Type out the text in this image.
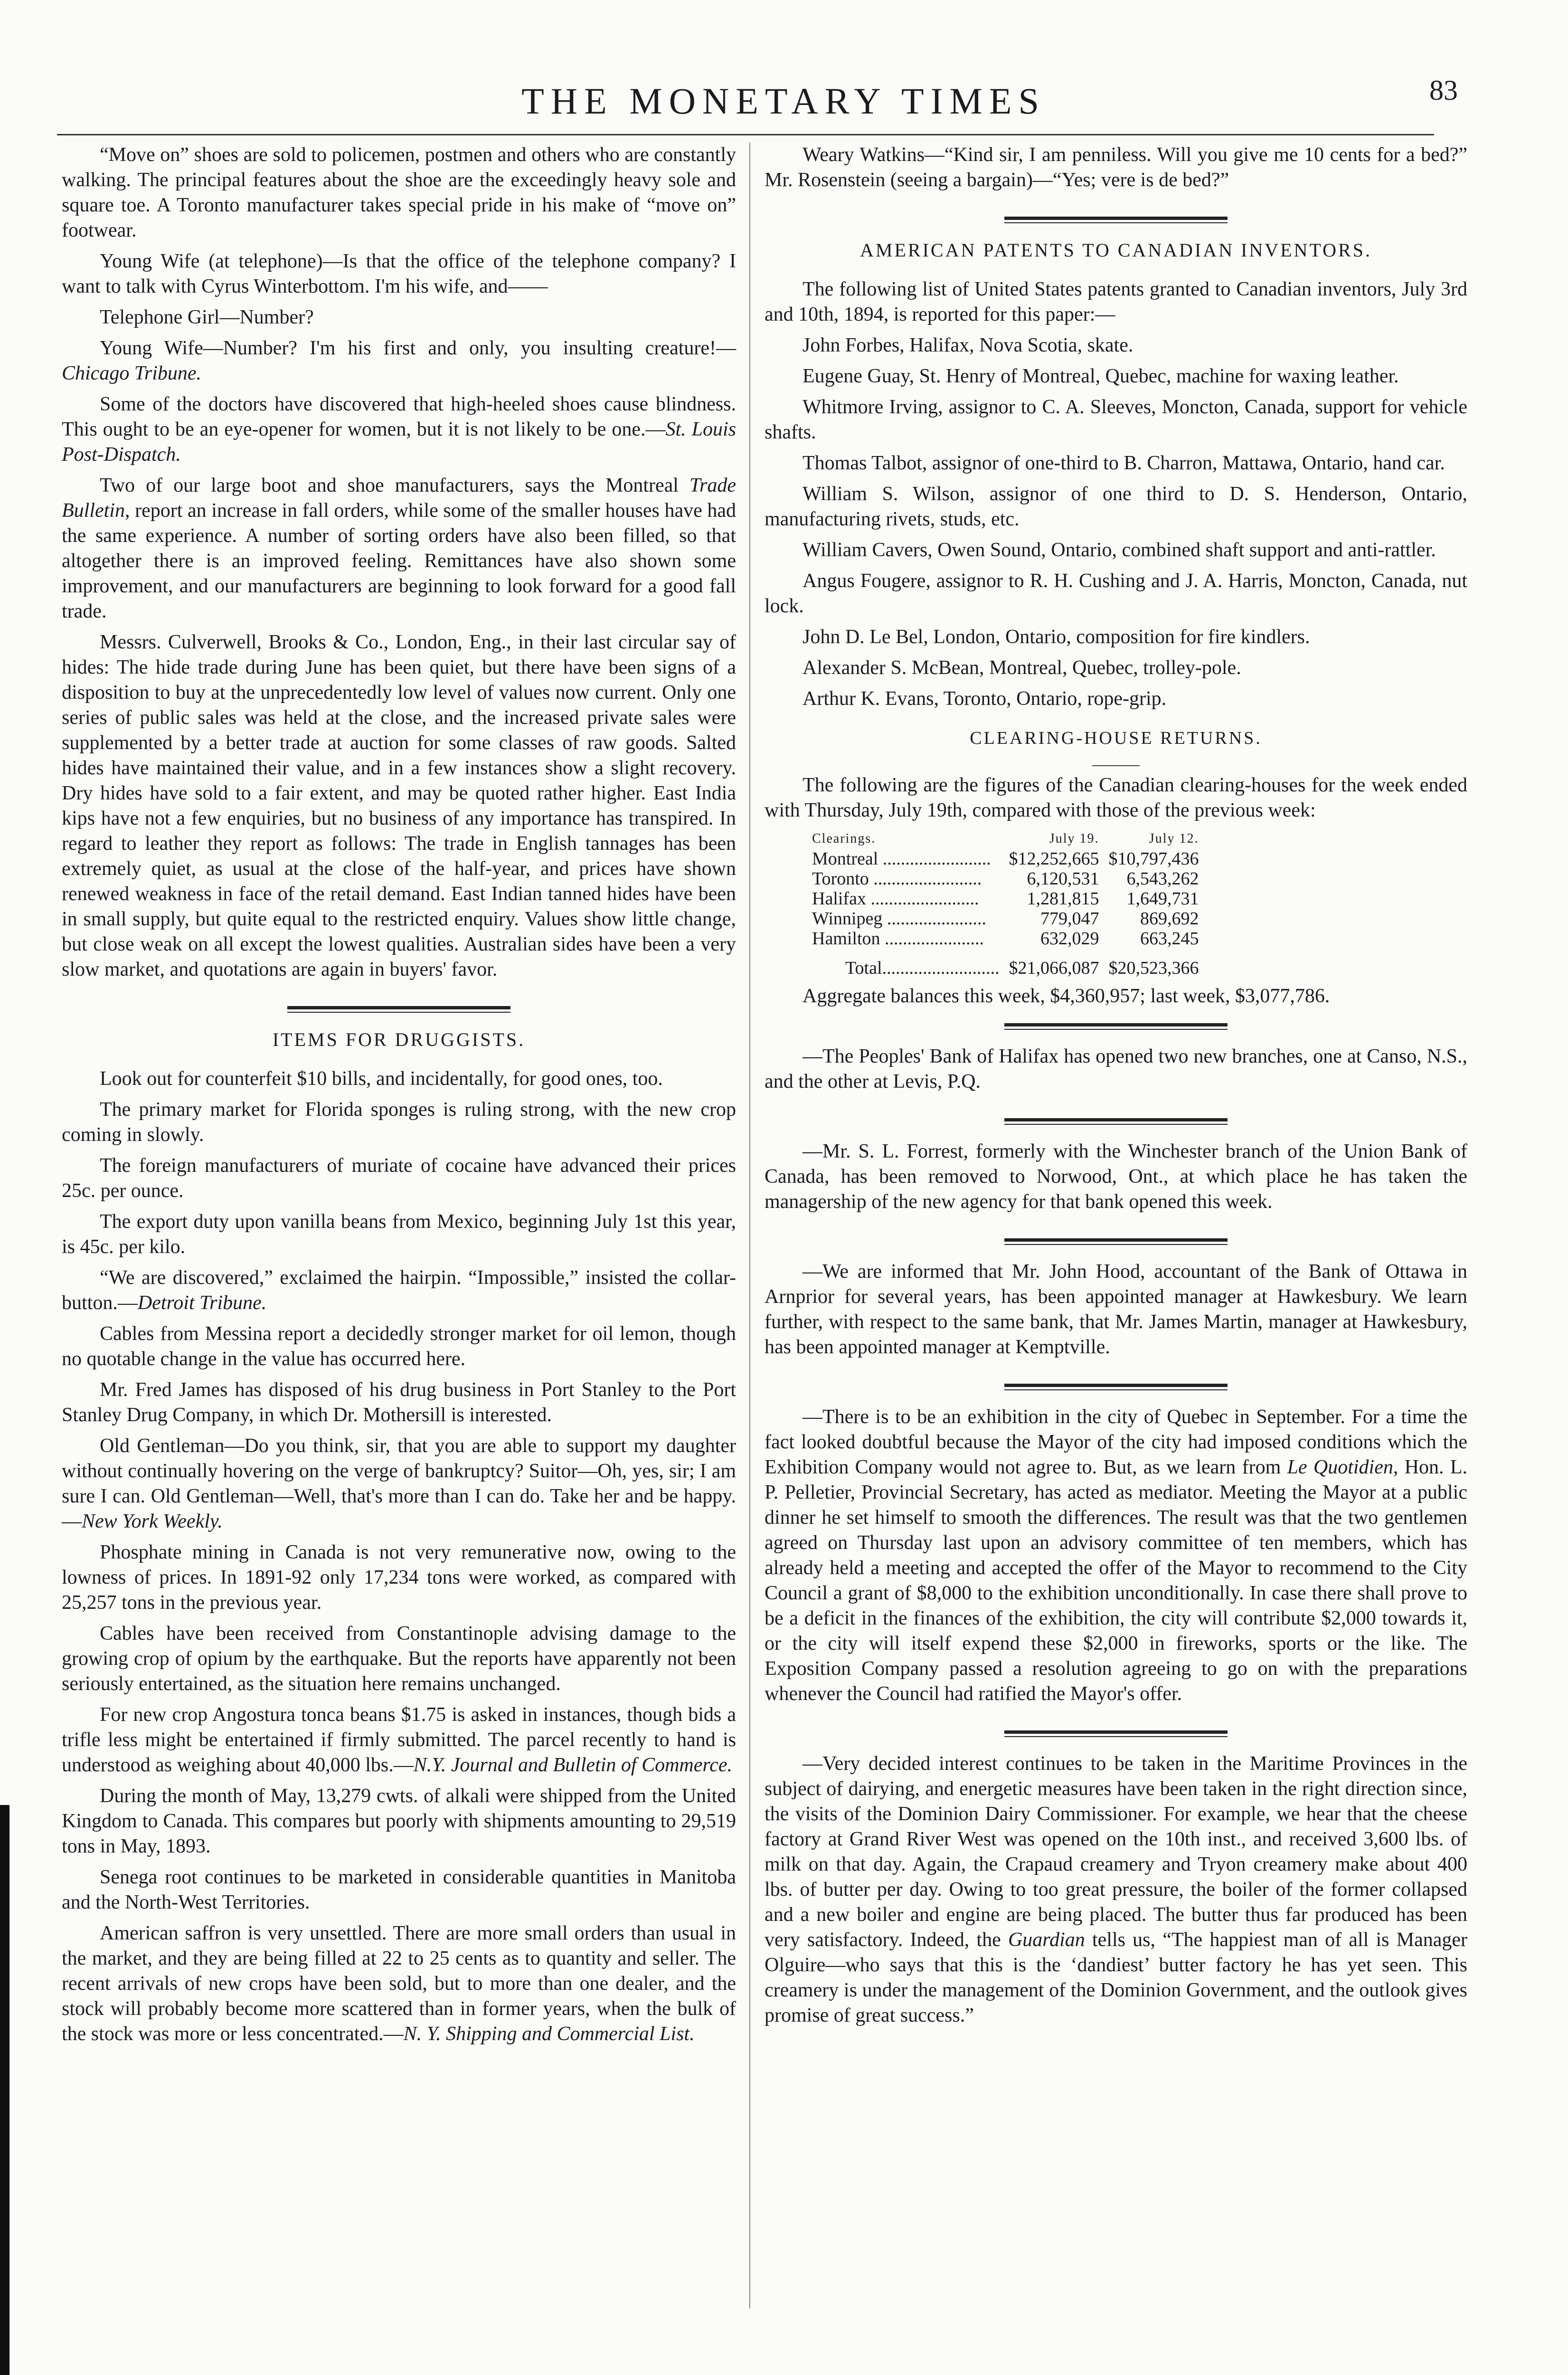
THE MONETARY TIMES	83

“Move on” shoes are sold to policemen, postmen and others who are constantly walking. The principal features about the shoe are the exceedingly heavy sole and square toe. A Toronto manufacturer takes special pride in his make of “move on” footwear.

Young Wife (at telephone)—Is that the office of the telephone company? I want to talk with Cyrus Winterbottom. I'm his wife, and——

Telephone Girl—Number?

Young Wife—Number? I'm his first and only, you insulting creature!—Chicago Tribune.

Some of the doctors have discovered that high-heeled shoes cause blindness. This ought to be an eye-opener for women, but it is not likely to be one.—St. Louis Post-Dispatch.

Two of our large boot and shoe manufacturers, says the Montreal Trade Bulletin, report an increase in fall orders, while some of the smaller houses have had the same experience. A number of sorting orders have also been filled, so that altogether there is an improved feeling. Remittances have also shown some improvement, and our manufacturers are beginning to look forward for a good fall trade.

Messrs. Culverwell, Brooks & Co., London, Eng., in their last circular say of hides: The hide trade during June has been quiet, but there have been signs of a disposition to buy at the unprecedentedly low level of values now current. Only one series of public sales was held at the close, and the increased private sales were supplemented by a better trade at auction for some classes of raw goods. Salted hides have maintained their value, and in a few instances show a slight recovery. Dry hides have sold to a fair extent, and may be quoted rather higher. East India kips have not a few enquiries, but no business of any importance has transpired. In regard to leather they report as follows: The trade in English tannages has been extremely quiet, as usual at the close of the half-year, and prices have shown renewed weakness in face of the retail demand. East Indian tanned hides have been in small supply, but quite equal to the restricted enquiry. Values show little change, but close weak on all except the lowest qualities. Australian sides have been a very slow market, and quotations are again in buyers' favor.

ITEMS FOR DRUGGISTS.

Look out for counterfeit $10 bills, and incidentally, for good ones, too.

The primary market for Florida sponges is ruling strong, with the new crop coming in slowly.

The foreign manufacturers of muriate of cocaine have advanced their prices 25c. per ounce.

The export duty upon vanilla beans from Mexico, beginning July 1st this year, is 45c. per kilo.

“We are discovered,” exclaimed the hairpin. “Impossible,” insisted the collar-button.—Detroit Tribune.

Cables from Messina report a decidedly stronger market for oil lemon, though no quotable change in the value has occurred here.

Mr. Fred James has disposed of his drug business in Port Stanley to the Port Stanley Drug Company, in which Dr. Mothersill is interested.

Old Gentleman—Do you think, sir, that you are able to support my daughter without continually hovering on the verge of bankruptcy? Suitor—Oh, yes, sir; I am sure I can. Old Gentleman—Well, that's more than I can do. Take her and be happy.—New York Weekly.

Phosphate mining in Canada is not very remunerative now, owing to the lowness of prices. In 1891-92 only 17,234 tons were worked, as compared with 25,257 tons in the previous year.

Cables have been received from Constantinople advising damage to the growing crop of opium by the earthquake. But the reports have apparently not been seriously entertained, as the situation here remains unchanged.

For new crop Angostura tonca beans $1.75 is asked in instances, though bids a trifle less might be entertained if firmly submitted. The parcel recently to hand is understood as weighing about 40,000 lbs.—N.Y. Journal and Bulletin of Commerce.

During the month of May, 13,279 cwts. of alkali were shipped from the United Kingdom to Canada. This compares but poorly with shipments amounting to 29,519 tons in May, 1893.

Senega root continues to be marketed in considerable quantities in Manitoba and the North-West Territories.

American saffron is very unsettled. There are more small orders than usual in the market, and they are being filled at 22 to 25 cents as to quantity and seller. The recent arrivals of new crops have been sold, but to more than one dealer, and the stock will probably become more scattered than in former years, when the bulk of the stock was more or less concentrated.—N. Y. Shipping and Commercial List.

Weary Watkins—“Kind sir, I am penniless. Will you give me 10 cents for a bed?” Mr. Rosenstein (seeing a bargain)—“Yes; vere is de bed?”

AMERICAN PATENTS TO CANADIAN INVENTORS.

The following list of United States patents granted to Canadian inventors, July 3rd and 10th, 1894, is reported for this paper:—

John Forbes, Halifax, Nova Scotia, skate.

Eugene Guay, St. Henry of Montreal, Quebec, machine for waxing leather.

Whitmore Irving, assignor to C. A. Sleeves, Moncton, Canada, support for vehicle shafts.

Thomas Talbot, assignor of one-third to B. Charron, Mattawa, Ontario, hand car.

William S. Wilson, assignor of one third to D. S. Henderson, Ontario, manufacturing rivets, studs, etc.

William Cavers, Owen Sound, Ontario, combined shaft support and anti-rattler.

Angus Fougere, assignor to R. H. Cushing and J. A. Harris, Moncton, Canada, nut lock.

John D. Le Bel, London, Ontario, composition for fire kindlers.

Alexander S. McBean, Montreal, Quebec, trolley-pole.

Arthur K. Evans, Toronto, Ontario, rope-grip.

CLEARING-HOUSE RETURNS.

The following are the figures of the Canadian clearing-houses for the week ended with Thursday, July 19th, compared with those of the previous week:

Clearings.	July 19.	July 12.
Montreal ........................	$12,252,665	$10,797,436
Toronto ........................	6,120,531	6,543,262
Halifax ........................	1,281,815	1,649,731
Winnipeg ......................	779,047	869,692
Hamilton ......................	632,029	663,245
Total..........................	$21,066,087	$20,523,366

Aggregate balances this week, $4,360,957; last week, $3,077,786.

—The Peoples' Bank of Halifax has opened two new branches, one at Canso, N.S., and the other at Levis, P.Q.

—Mr. S. L. Forrest, formerly with the Winchester branch of the Union Bank of Canada, has been removed to Norwood, Ont., at which place he has taken the managership of the new agency for that bank opened this week.

—We are informed that Mr. John Hood, accountant of the Bank of Ottawa in Arnprior for several years, has been appointed manager at Hawkesbury. We learn further, with respect to the same bank, that Mr. James Martin, manager at Hawkesbury, has been appointed manager at Kemptville.

—There is to be an exhibition in the city of Quebec in September. For a time the fact looked doubtful because the Mayor of the city had imposed conditions which the Exhibition Company would not agree to. But, as we learn from Le Quotidien, Hon. L. P. Pelletier, Provincial Secretary, has acted as mediator. Meeting the Mayor at a public dinner he set himself to smooth the differences. The result was that the two gentlemen agreed on Thursday last upon an advisory committee of ten members, which has already held a meeting and accepted the offer of the Mayor to recommend to the City Council a grant of $8,000 to the exhibition unconditionally. In case there shall prove to be a deficit in the finances of the exhibition, the city will contribute $2,000 towards it, or the city will itself expend these $2,000 in fireworks, sports or the like. The Exposition Company passed a resolution agreeing to go on with the preparations whenever the Council had ratified the Mayor's offer.

—Very decided interest continues to be taken in the Maritime Provinces in the subject of dairying, and energetic measures have been taken in the right direction since, the visits of the Dominion Dairy Commissioner. For example, we hear that the cheese factory at Grand River West was opened on the 10th inst., and received 3,600 lbs. of milk on that day. Again, the Crapaud creamery and Tryon creamery make about 400 lbs. of butter per day. Owing to too great pressure, the boiler of the former collapsed and a new boiler and engine are being placed. The butter thus far produced has been very satisfactory. Indeed, the Guardian tells us, “The happiest man of all is Manager Olguire—who says that this is the ‘dandiest’ butter factory he has yet seen. This creamery is under the management of the Dominion Government, and the outlook gives promise of great success.”
